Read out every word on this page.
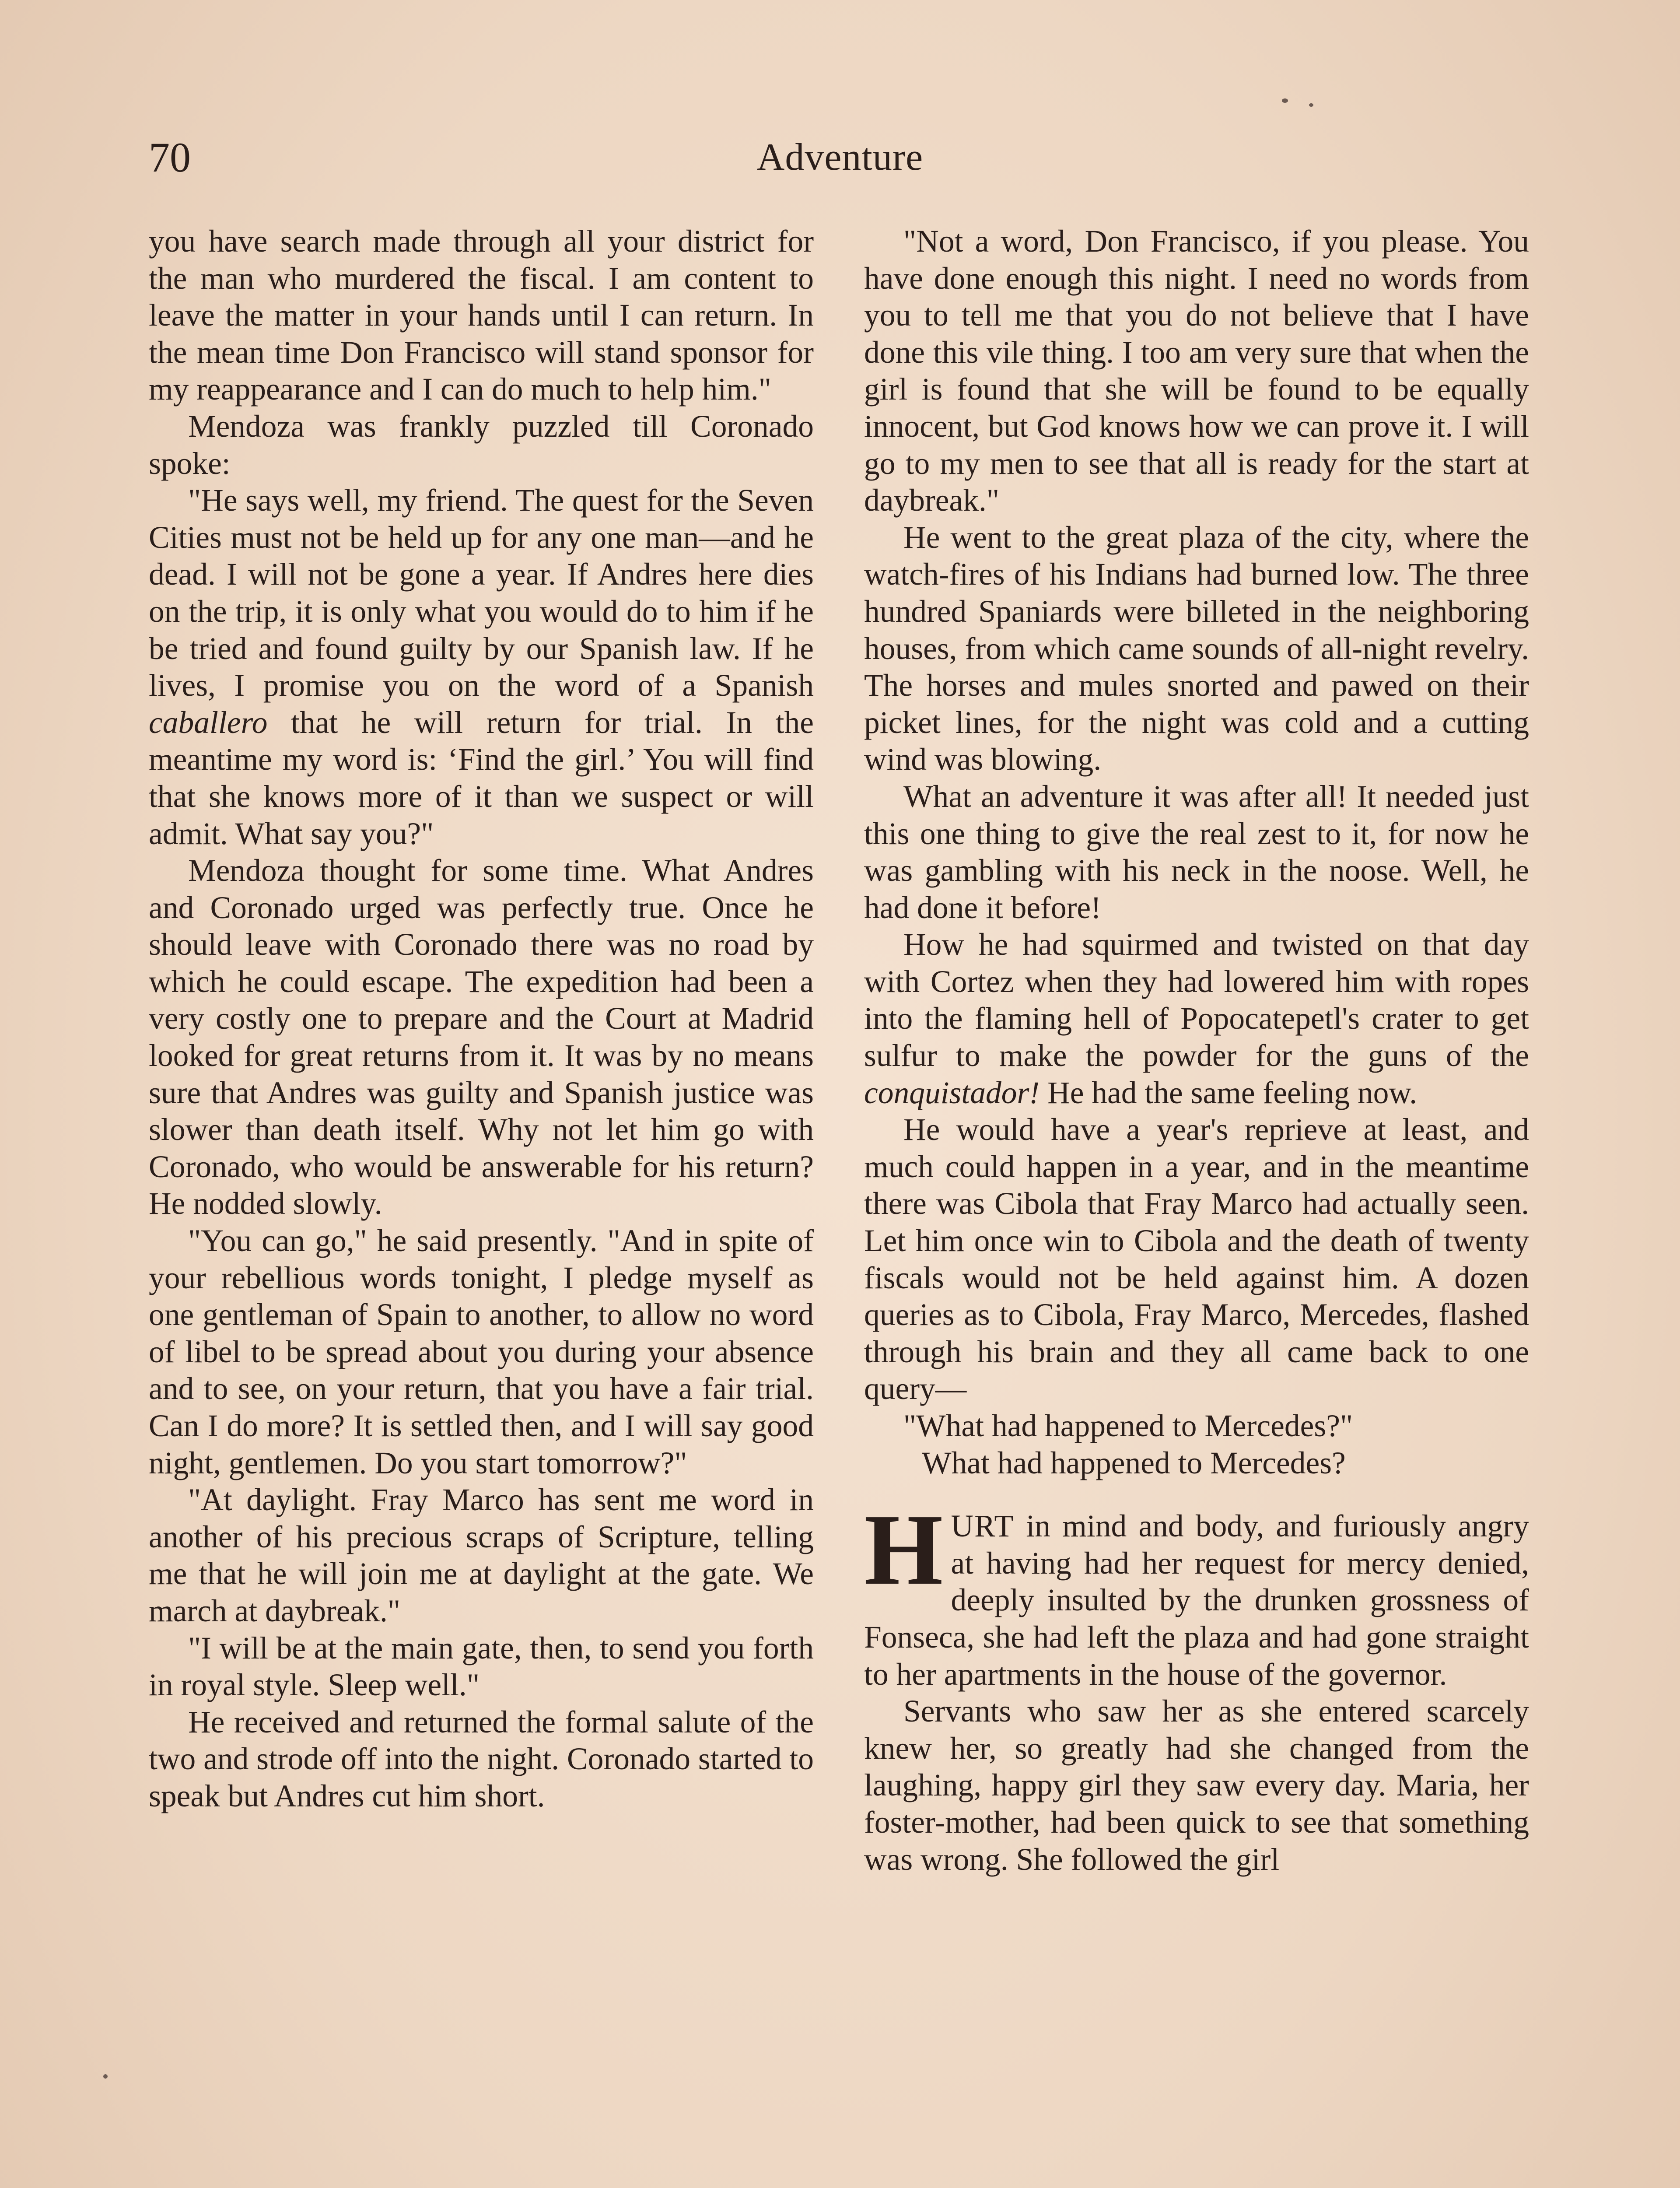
70	Adventure

you have search made through all your district for the man who murdered the fiscal. I am content to leave the matter in your hands until I can return. In the mean time Don Francisco will stand sponsor for my reappearance and I can do much to help him."

Mendoza was frankly puzzled till Coronado spoke:

"He says well, my friend. The quest for the Seven Cities must not be held up for any one man—and he dead. I will not be gone a year. If Andres here dies on the trip, it is only what you would do to him if he be tried and found guilty by our Spanish law. If he lives, I promise you on the word of a Spanish caballero that he will return for trial. In the meantime my word is: ‘Find the girl.’ You will find that she knows more of it than we suspect or will admit. What say you?"

Mendoza thought for some time. What Andres and Coronado urged was perfectly true. Once he should leave with Coronado there was no road by which he could escape. The expedition had been a very costly one to prepare and the Court at Madrid looked for great returns from it. It was by no means sure that Andres was guilty and Spanish justice was slower than death itself. Why not let him go with Coronado, who would be answerable for his return? He nodded slowly.

"You can go," he said presently. "And in spite of your rebellious words tonight, I pledge myself as one gentleman of Spain to another, to allow no word of libel to be spread about you during your absence and to see, on your return, that you have a fair trial. Can I do more? It is settled then, and I will say good night, gentlemen. Do you start tomorrow?"

"At daylight. Fray Marco has sent me word in another of his precious scraps of Scripture, telling me that he will join me at daylight at the gate. We march at daybreak."

"I will be at the main gate, then, to send you forth in royal style. Sleep well."

He received and returned the formal salute of the two and strode off into the night. Coronado started to speak but Andres cut him short.

"Not a word, Don Francisco, if you please. You have done enough this night. I need no words from you to tell me that you do not believe that I have done this vile thing. I too am very sure that when the girl is found that she will be found to be equally innocent, but God knows how we can prove it. I will go to my men to see that all is ready for the start at daybreak."

He went to the great plaza of the city, where the watch-fires of his Indians had burned low. The three hundred Spaniards were billeted in the neighboring houses, from which came sounds of all-night revelry. The horses and mules snorted and pawed on their picket lines, for the night was cold and a cutting wind was blowing.

What an adventure it was after all! It needed just this one thing to give the real zest to it, for now he was gambling with his neck in the noose. Well, he had done it before!

How he had squirmed and twisted on that day with Cortez when they had lowered him with ropes into the flaming hell of Popocatepetl's crater to get sulfur to make the powder for the guns of the conquistador! He had the same feeling now.

He would have a year's reprieve at least, and much could happen in a year, and in the meantime there was Cibola that Fray Marco had actually seen. Let him once win to Cibola and the death of twenty fiscals would not be held against him. A dozen queries as to Cibola, Fray Marco, Mercedes, flashed through his brain and they all came back to one query—

"What had happened to Mercedes?"

What had happened to Mercedes?

HURT in mind and body, and furiously angry at having had her request for mercy denied, deeply insulted by the drunken grossness of Fonseca, she had left the plaza and had gone straight to her apartments in the house of the governor.

Servants who saw her as she entered scarcely knew her, so greatly had she changed from the laughing, happy girl they saw every day. Maria, her foster-mother, had been quick to see that something was wrong. She followed the girl
